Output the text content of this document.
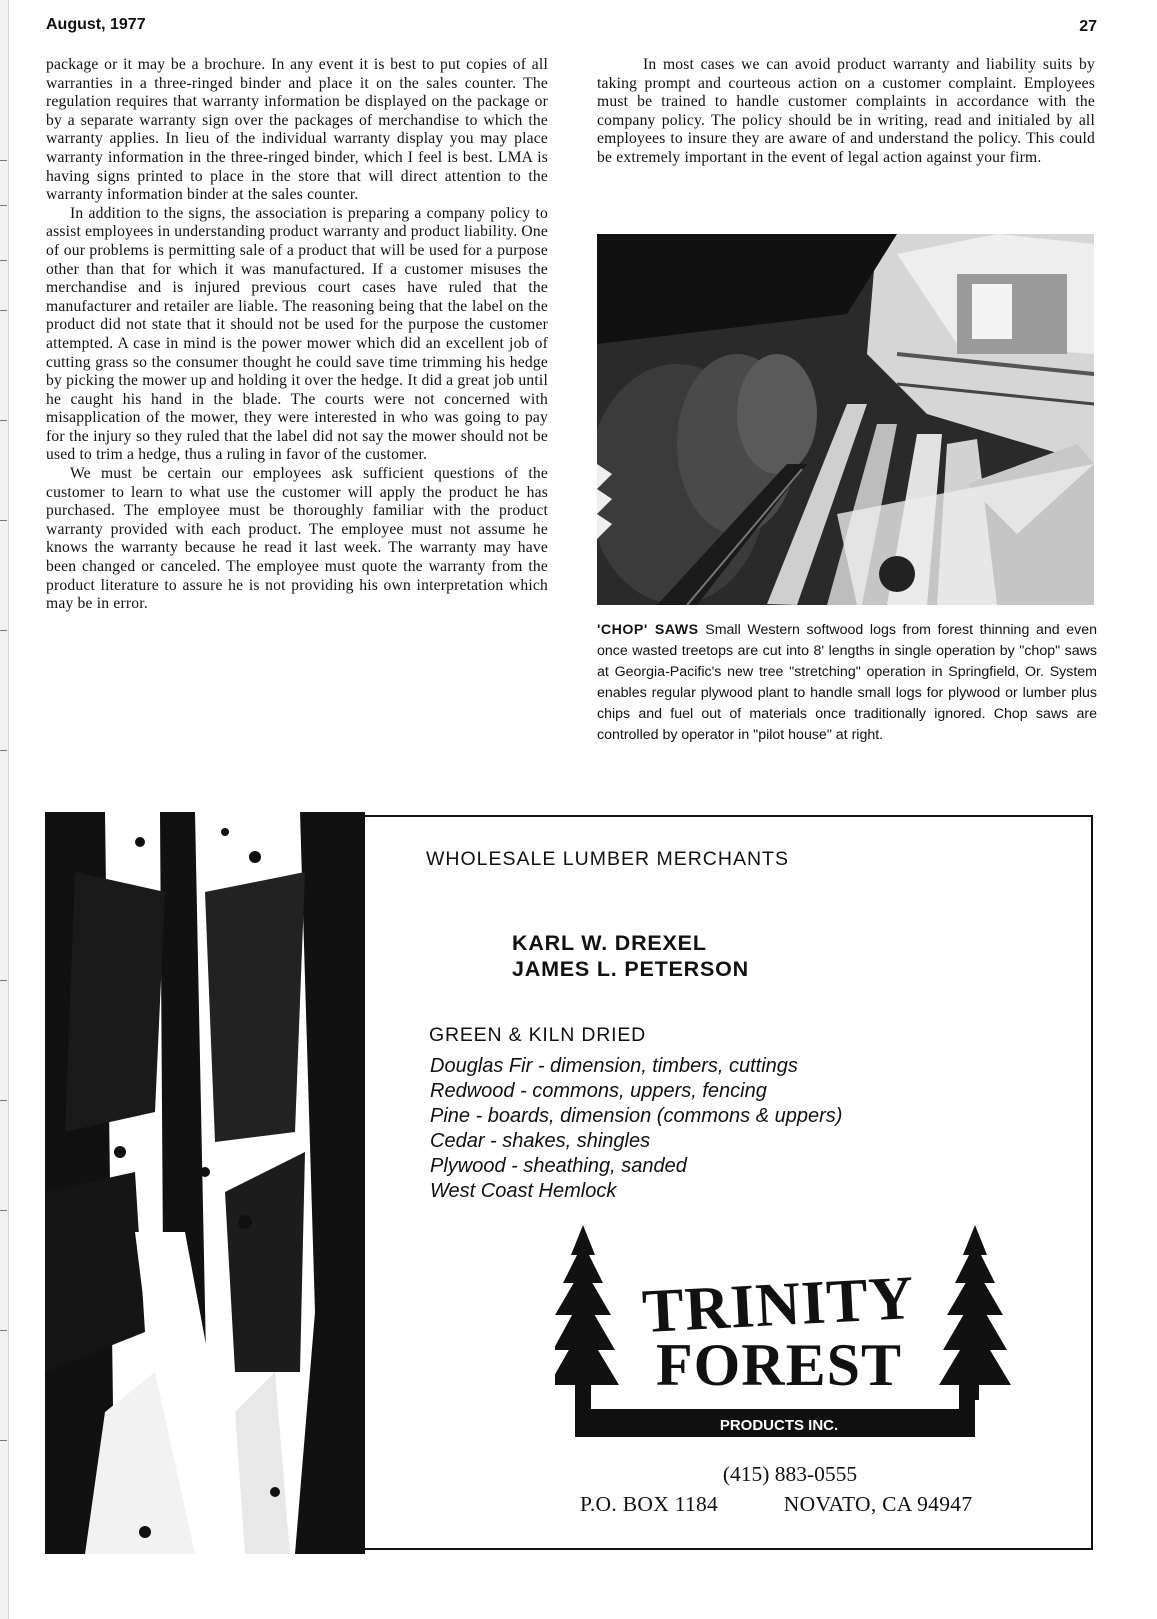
August, 1977	27

package or it may be a brochure. In any event it is best to put copies of all warranties in a three-ringed binder and place it on the sales counter. The regulation requires that warranty information be displayed on the package or by a separate warranty sign over the packages of merchandise to which the warranty applies. In lieu of the individual warranty display you may place warranty information in the three-ringed binder, which I feel is best. LMA is having signs printed to place in the store that will direct attention to the warranty information binder at the sales counter.

In addition to the signs, the association is preparing a company policy to assist employees in understanding product warranty and product liability. One of our problems is permitting sale of a product that will be used for a purpose other than that for which it was manufactured. If a customer misuses the merchandise and is injured previous court cases have ruled that the manufacturer and retailer are liable. The reasoning being that the label on the product did not state that it should not be used for the purpose the customer attempted. A case in mind is the power mower which did an excellent job of cutting grass so the consumer thought he could save time trimming his hedge by picking the mower up and holding it over the hedge. It did a great job until he caught his hand in the blade. The courts were not concerned with misapplication of the mower, they were interested in who was going to pay for the injury so they ruled that the label did not say the mower should not be used to trim a hedge, thus a ruling in favor of the customer.

We must be certain our employees ask sufficient questions of the customer to learn to what use the customer will apply the product he has purchased. The employee must be thoroughly familiar with the product warranty provided with each product. The employee must not assume he knows the warranty because he read it last week. The warranty may have been changed or canceled. The employee must quote the warranty from the product literature to assure he is not providing his own interpretation which may be in error.

In most cases we can avoid product warranty and liability suits by taking prompt and courteous action on a customer complaint. Employees must be trained to handle customer complaints in accordance with the company policy. The policy should be in writing, read and initialed by all employees to insure they are aware of and understand the policy. This could be extremely important in the event of legal action against your firm.

'CHOP' SAWS Small Western softwood logs from forest thinning and even once wasted treetops are cut into 8' lengths in single operation by "chop" saws at Georgia-Pacific's new tree "stretching" operation in Springfield, Or. System enables regular plywood plant to handle small logs for plywood or lumber plus chips and fuel out of materials once traditionally ignored. Chop saws are controlled by operator in "pilot house" at right.
WHOLESALE LUMBER MERCHANTS
KARL W. DREXEL
JAMES L. PETERSON
GREEN & KILN DRIED
Douglas Fir - dimension, timbers, cuttings
Redwood - commons, uppers, fencing
Pine - boards, dimension (commons & uppers)
Cedar - shakes, shingles
Plywood - sheathing, sanded
West Coast Hemlock
PRODUCTS INC.
TRINITY
FOREST
(415) 883-0555
P.O. BOX 1184	NOVATO, CA 94947
